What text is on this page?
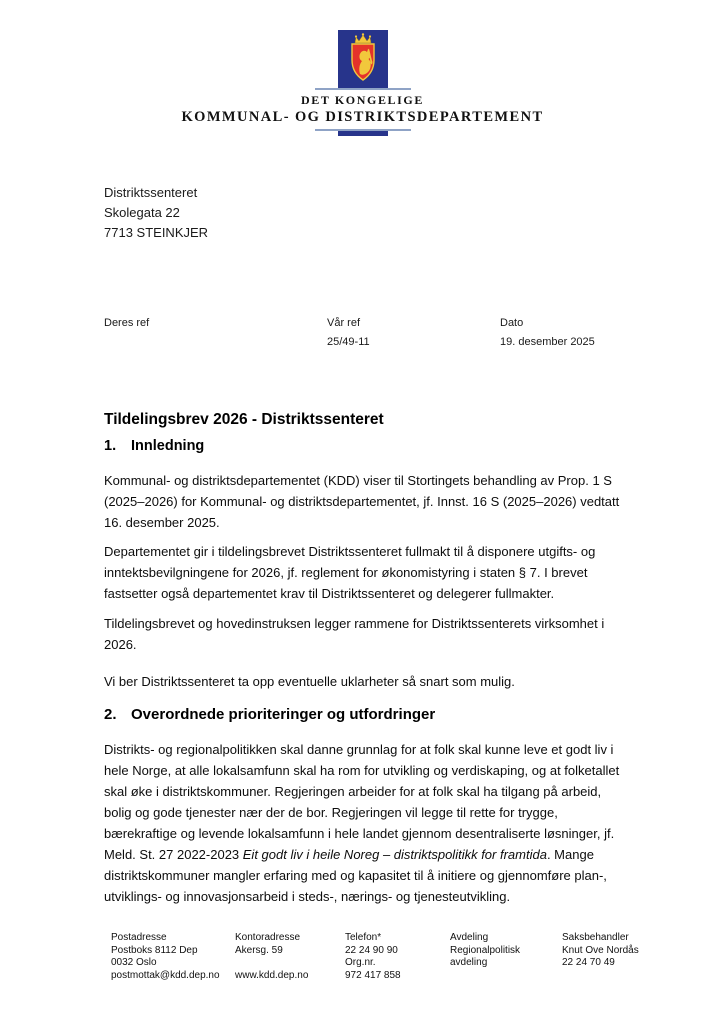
DET KONGELIGE
KOMMUNAL- OG DISTRIKTSDEPARTEMENT
Distriktssenteret
Skolegata 22
7713 STEINKJER
Deres ref	Vår ref
25/49-11
Dato
19. desember 2025
Tildelingsbrev 2026 - Distriktssenteret
1. Innledning
Kommunal- og distriktsdepartementet (KDD) viser til Stortingets behandling av Prop. 1 S (2025–2026) for Kommunal- og distriktsdepartementet, jf. Innst. 16 S (2025–2026) vedtatt 16. desember 2025.
Departementet gir i tildelingsbrevet Distriktssenteret fullmakt til å disponere utgifts- og inntektsbevilgningene for 2026, jf. reglement for økonomistyring i staten § 7. I brevet fastsetter også departementet krav til Distriktssenteret og delegerer fullmakter.
Tildelingsbrevet og hovedinstruksen legger rammene for Distriktssenterets virksomhet i 2026.
Vi ber Distriktssenteret ta opp eventuelle uklarheter så snart som mulig.
2. Overordnede prioriteringer og utfordringer
Distrikts- og regionalpolitikken skal danne grunnlag for at folk skal kunne leve et godt liv i hele Norge, at alle lokalsamfunn skal ha rom for utvikling og verdiskaping, og at folketallet skal øke i distriktskommuner. Regjeringen arbeider for at folk skal ha tilgang på arbeid, bolig og gode tjenester nær der de bor. Regjeringen vil legge til rette for trygge, bærekraftige og levende lokalsamfunn i hele landet gjennom desentraliserte løsninger, jf. Meld. St. 27 2022-2023 Eit godt liv i heile Noreg – distriktspolitikk for framtida. Mange distriktskommuner mangler erfaring med og kapasitet til å initiere og gjennomføre plan-, utviklings- og innovasjonsarbeid i steds-, nærings- og tjenesteutvikling.
Postadresse
Postboks 8112 Dep
0032 Oslo
postmottak@kdd.dep.no
Kontoradresse
Akersg. 59
www.kdd.dep.no
Telefon*
22 24 90 90
Org.nr.
972 417 858
Avdeling
Regionalpolitisk
avdeling
Saksbehandler
Knut Ove Nordås
22 24 70 49
